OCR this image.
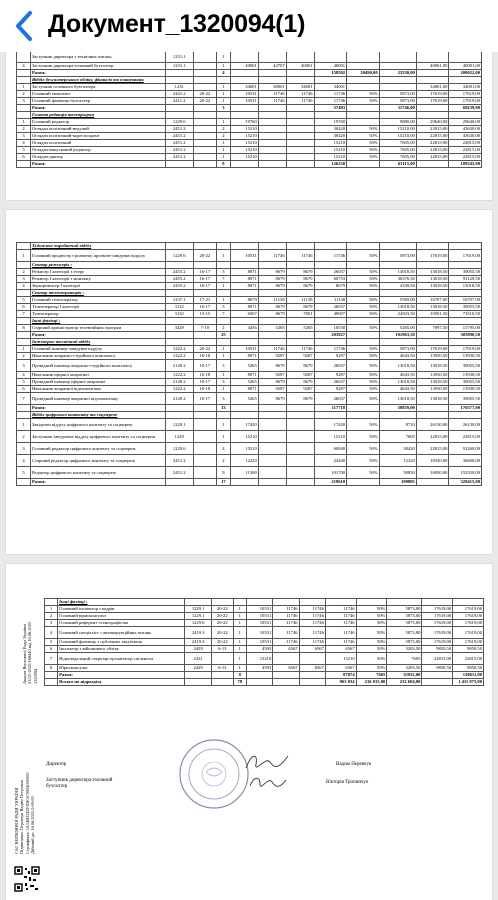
Документ_1320094(1)
	Заступник директора з технічних питань	1231.1		1								
4	Заступник директора-головний бухгалтер	1231.1		1	40001	44707	40001	40001			40001,00	40001,00
	Разом:			4				158502	20490,00	23530,00		200022,00
	Відділ бухгалтерського обліку, фінансів та планування											
1	Заступник головного бухгалтера	1231		1	34001	38001	34001	34001			34001,00	34001,00
2	Головний економіст	2441.2	20-22	1	10531	11746	11746	11746	50%	5873,00	17619,00	17619,00
3	Головний фахівець-бухгалтер	2411.2	20-22	1	10531	11746	11746	11746	50%	5873,00	17619,00	17619,00
	Разом:			3				57493		11746,00		69239,00
	Головна редакція телепрограм											
1	Головний редактор	1229.6		1	19760			19760		9880,00	29640,00	29640,00
2	Оглядач політичний-ведучий	2451.2		2	15210			30420	50%	15210,00	22815,00	45630,00
3	Оглядач політичний-кореспондент	2451.2		2	15210			30420	50%	15210,00	22815,00	45630,00
4	Оглядач політичний	2451.2		1	15210			15210	50%	7605,00	22815,00	22815,00
5	Оглядач-випусковий редактор	2451.2		1	15210			15210	50%	7605,00	22815,00	22815,00
6	Оглядач-диктор	2451.2		1	15210			15210	50%	7605,00	22815,00	22815,00
	Разом:			8				126230		63115,00		189345,00
	Художньо-виробничий відділ											
1	Головний продюсер з розвитку проектів-завідувач відділу	1229.6	20-22	1	10531	11746	11746	11746	50%	5873,00	17619,00	17619,00
	Сектор режисерів :											
2	Режисер I категорії з етеру	2455.2	16-17	3	8071	8679	8679	26037	50%	13018,50	13018,50	39055,50
3	Режисер I категорії з монтажу	2455.2	16-17	7	8071	8679	8679	60753	50%	30376,50	13018,50	91129,50
4	Звукорежисер I категорії	2455.2	16-17	1	8071	8679	8679	8679	50%	4339,50	13018,50	13018,50
	Сектор телеоператорів :											
5	Головний телеоператор	1237.1	17-21	1	8679	11138	11138	11138	50%	5569,00	16707,00	16707,00
6	Телеоператор I категорії	3132	16-17	3	8071	8679	8679	26037	50%	13018,50	13018,50	39055,50
7	Телеоператор	3132	13-15	7	6567	8679	7001	49007	50%	24503,50	10501,50	73510,50
	Інші фахівці :											
8	Старший адміністратор телевізійних програм	3429	7-10	2	4456	5265	5265	10530	50%	5265,00	7897,50	15795,00
	Разом:			25				203927		101963,50		305890,50
	Інженерно-технічний відділ											
1	Головний інженер-завідувач відділу	1222.2	20-22	1	10531	11746	11746	11746	50%	5873,00	17619,00	17619,00
2	Начальник апаратно-студійного комплексу	1222.2	16-18	1	8071	9287	9287	9287	50%	4643,50	13930,50	13930,50
3	Провідний інженер апаратно-студійного комплексу	2149.2	10-17	3	5265	8679	8679	26037	50%	13018,50	13018,50	39055,50
4	Начальник ефірної апаратної	1222.2	16-18	1	8071	9287	9287	9287	50%	4643,50	13930,50	13930,50
5	Провідний інженер ефірної апаратної	2149.2	10-17	3	5265	8679	8679	26037	50%	13018,50	13018,50	39055,50
6	Начальник апаратної відеомонтажу	1222.2	16-18	1	8071	9287	9287	9287	50%	4643,50	13930,50	13930,50
7	Провідний інженер апаратної відеомонтажу	2149.2	10-17	3	5265	8679	8679	26037	50%	13018,50	13018,50	39055,50
	Разом:			13				117718		58859,00		176577,00
	Відділ цифрового контенту та соцмереж											
1	Завідувач відділу цифрового контенту та соцмереж	1229.1		1	17420			17420	50%	8710	26130,00	26130,00
2	Заступник завідувача відділу цифрового контенту та соцмереж	1229		1	15210			15210	50%	7605	22815,00	22815,00
3	Головний редактор цифрового контенту та соцмереж	1229.6		4	15210			60840	50%	30420	22815,00	91260,00
4	Старший редактор цифрового контенту та соцмереж	2451.2		2	12220			24440	50%	12220	18330,00	36660,00
5	Редактор цифрового контенту та соцмереж	2451.2		9	11300			101700	50%	50850	16950,00	152550,00
	Разом:			17				219610		109805		329415,00
Апарат Верховної Ради України 23/25-2025/168440 від 16.06.2025 1320094
	Інші фахівці :											
1	Головний інспектор з кадрів	1229.1	20-22	1	10531	11746	11746	11746	50%	5873,00	17619,00	17619,00
2	Головний юрисконсульт	1229.1	20-22	1	10531	11746	11746	11746	50%	5873,00	17619,00	17619,00
3	Головний референт-стенографістка	1229.6	20-22	1	10531	11746	11746	11746	50%	5873,00	17619,00	17619,00
4	Головний спеціаліст з антикорупційних питань	2419.3	20-22	1	10531	11746	11746	11746	50%	5873,00	17619,00	17619,00
5	Головний фахівець з публічних закупівель	2419.3	20-22	1	10531	11746	11746	11746	50%	5873,00	17619,00	17619,00
6	Інспектор з військового обліку	3439	6-13	1	4593	6567	6567	6567	50%	3283,50	9850,50	9850,50
7	Відповідальний секретар-організатор спільноти	2431		1	15210			15210	50%	7605	22815,00	22815,00
8	Юрисконсульт	2429	6-13	1	4593	6567	6567	6567	50%	3283,50	9850,50	9850,50
	Разом:			8				87074	7605	35932,00		130611,00
	Всього по підрозділу			78				963 034	216 015,00	232 604,00		1 411 075,00
Директор	Вадим Перевчук
Заступник директора-головний
бухгалтер
Вікторія Тропинчук
САС ВЕРХОВНОЇ РАДИ УКРАЇНИ Підписувач: Перевчук Вадим Петрович Сертифікат: 5A14B22ED3DE5C9004000000 Дійсний до: 16.06.2025 0:00:00
